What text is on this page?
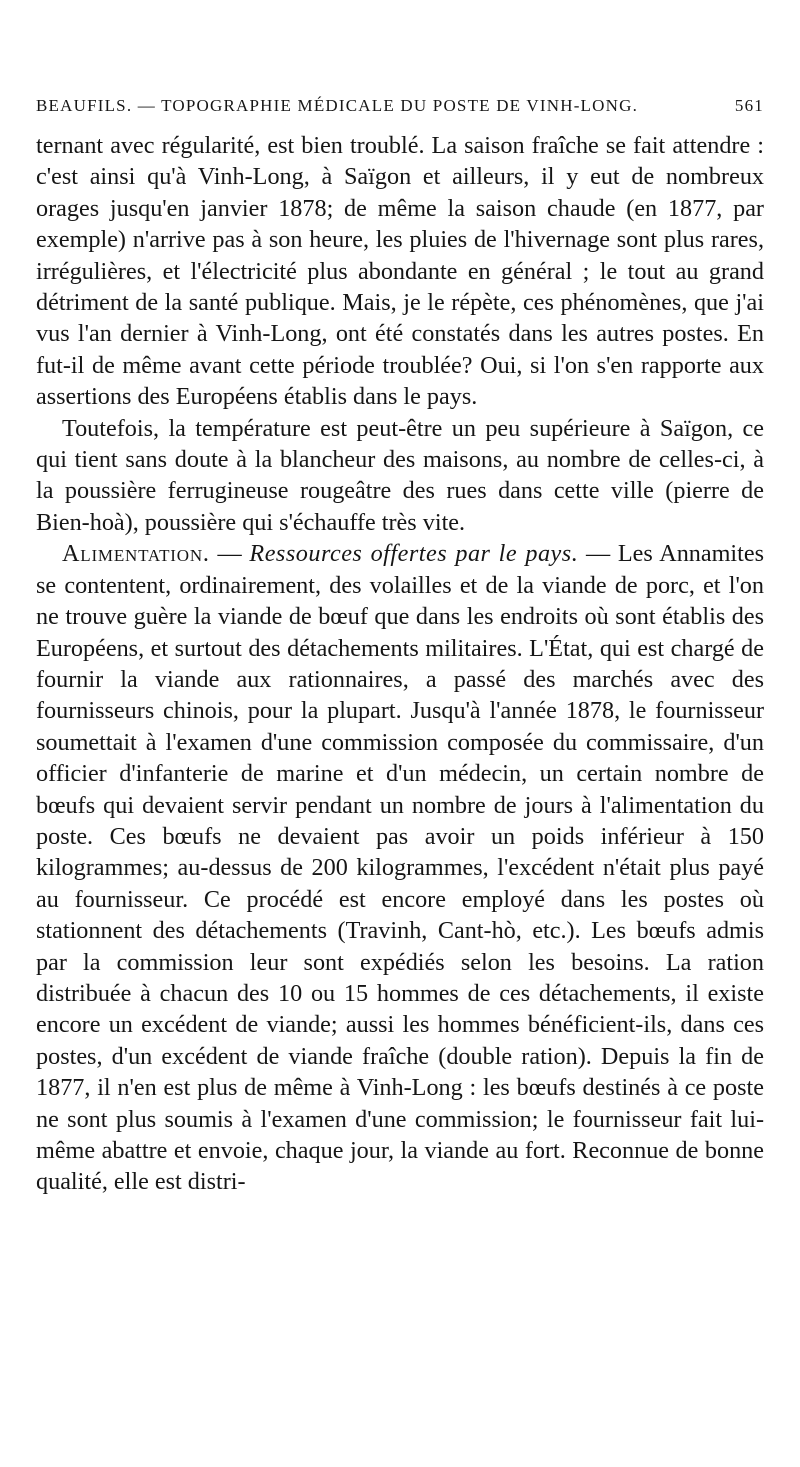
BEAUFILS. — TOPOGRAPHIE MÉDICALE DU POSTE DE VINH-LONG.	561

ternant avec régularité, est bien troublé. La saison fraîche se fait attendre : c'est ainsi qu'à Vinh-Long, à Saïgon et ailleurs, il y eut de nombreux orages jusqu'en janvier 1878; de même la saison chaude (en 1877, par exemple) n'arrive pas à son heure, les pluies de l'hivernage sont plus rares, irrégulières, et l'électricité plus abondante en général ; le tout au grand détriment de la santé publique. Mais, je le répète, ces phénomènes, que j'ai vus l'an dernier à Vinh-Long, ont été constatés dans les autres postes. En fut-il de même avant cette période troublée? Oui, si l'on s'en rapporte aux assertions des Européens établis dans le pays.

Toutefois, la température est peut-être un peu supérieure à Saïgon, ce qui tient sans doute à la blancheur des maisons, au nombre de celles-ci, à la poussière ferrugineuse rougeâtre des rues dans cette ville (pierre de Bien-hoà), poussière qui s'échauffe très vite.

Alimentation. — Ressources offertes par le pays. — Les Annamites se contentent, ordinairement, des volailles et de la viande de porc, et l'on ne trouve guère la viande de bœuf que dans les endroits où sont établis des Européens, et surtout des détachements militaires. L'État, qui est chargé de fournir la viande aux rationnaires, a passé des marchés avec des fournisseurs chinois, pour la plupart. Jusqu'à l'année 1878, le fournisseur soumettait à l'examen d'une commission composée du commissaire, d'un officier d'infanterie de marine et d'un médecin, un certain nombre de bœufs qui devaient servir pendant un nombre de jours à l'alimentation du poste. Ces bœufs ne devaient pas avoir un poids inférieur à 150 kilogrammes; au-dessus de 200 kilogrammes, l'excédent n'était plus payé au fournisseur. Ce procédé est encore employé dans les postes où stationnent des détachements (Travinh, Cant-hò, etc.). Les bœufs admis par la commission leur sont expédiés selon les besoins. La ration distribuée à chacun des 10 ou 15 hommes de ces détachements, il existe encore un excédent de viande; aussi les hommes bénéficient-ils, dans ces postes, d'un excédent de viande fraîche (double ration). Depuis la fin de 1877, il n'en est plus de même à Vinh-Long : les bœufs destinés à ce poste ne sont plus soumis à l'examen d'une commission; le fournisseur fait lui-même abattre et envoie, chaque jour, la viande au fort. Reconnue de bonne qualité, elle est distri-
